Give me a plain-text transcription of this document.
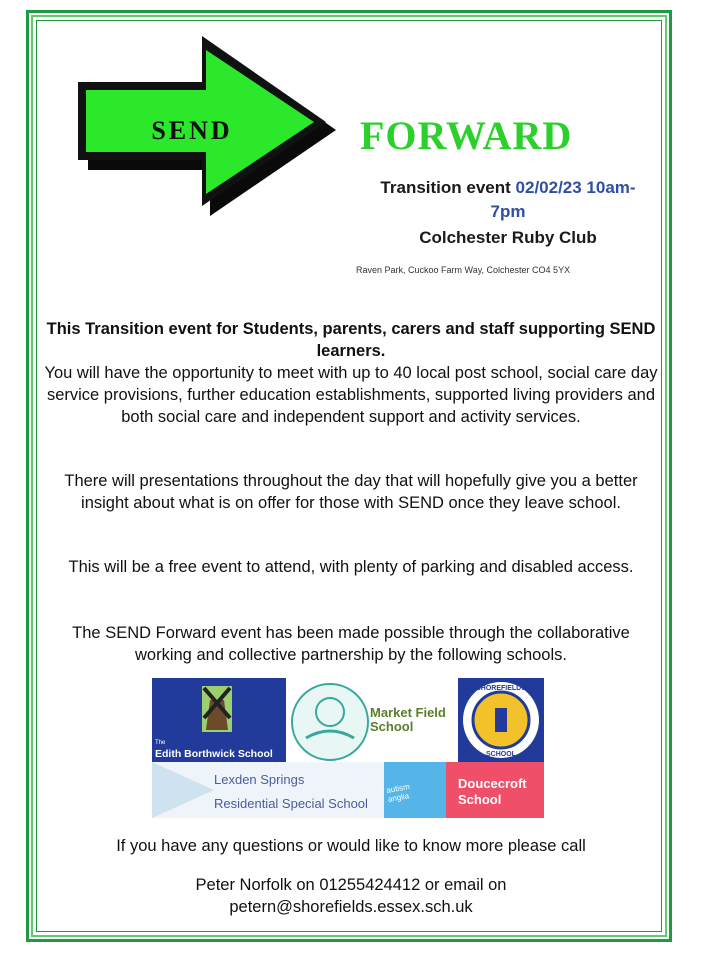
SEND	FORWARD
Transition event 02/02/23 10am-
7pm
Colchester Ruby Club
Raven Park, Cuckoo Farm Way, Colchester CO4 5YX
This Transition event for Students, parents, carers and staff supporting SEND learners.
You will have the opportunity to meet with up to 40 local post school, social care day service provisions, further education establishments, supported living providers and both social care and independent support and activity services.
There will presentations throughout the day that will hopefully give you a better insight about what is on offer for those with SEND once they leave school.
This will be a free event to attend, with plenty of parking and disabled access.
The SEND Forward event has been made possible through the collaborative working and collective partnership by the following schools.
The
Edith Borthwick School
Market Field
School
SHOREFIELDS
SCHOOL
Lexden Springs
Residential Special School
autism
anglia
Doucecroft
School
If you have any questions or would like to know more please call
Peter Norfolk on 01255424412 or email on
petern@shorefields.essex.sch.uk
